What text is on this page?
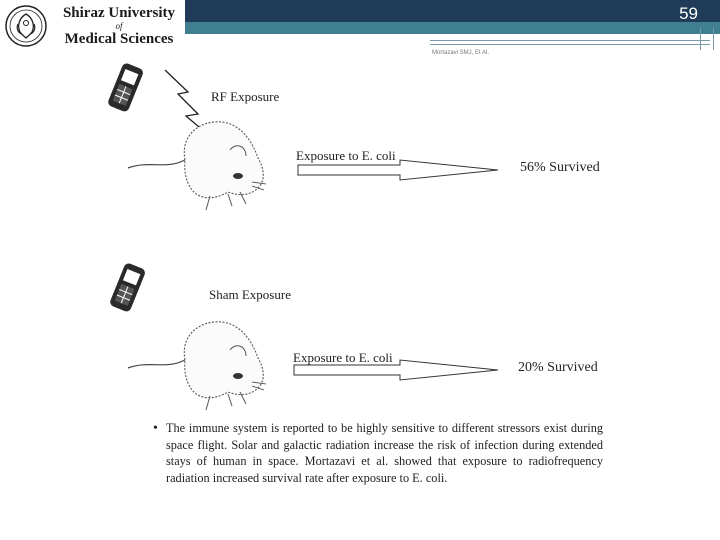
Shiraz University
of
Medical Sciences
59
Mortazavi SMJ, Et Al.
RF Exposure
Exposure to E. coli
56% Survived
Sham Exposure
Exposure to E. coli
20% Survived
• The immune system is reported to be highly sensitive to different stressors exist during space flight. Solar and galactic radiation increase the risk of infection during extended stays of human in space. Mortazavi et al. showed that exposure to radiofrequency radiation increased survival rate after exposure to E. coli.
